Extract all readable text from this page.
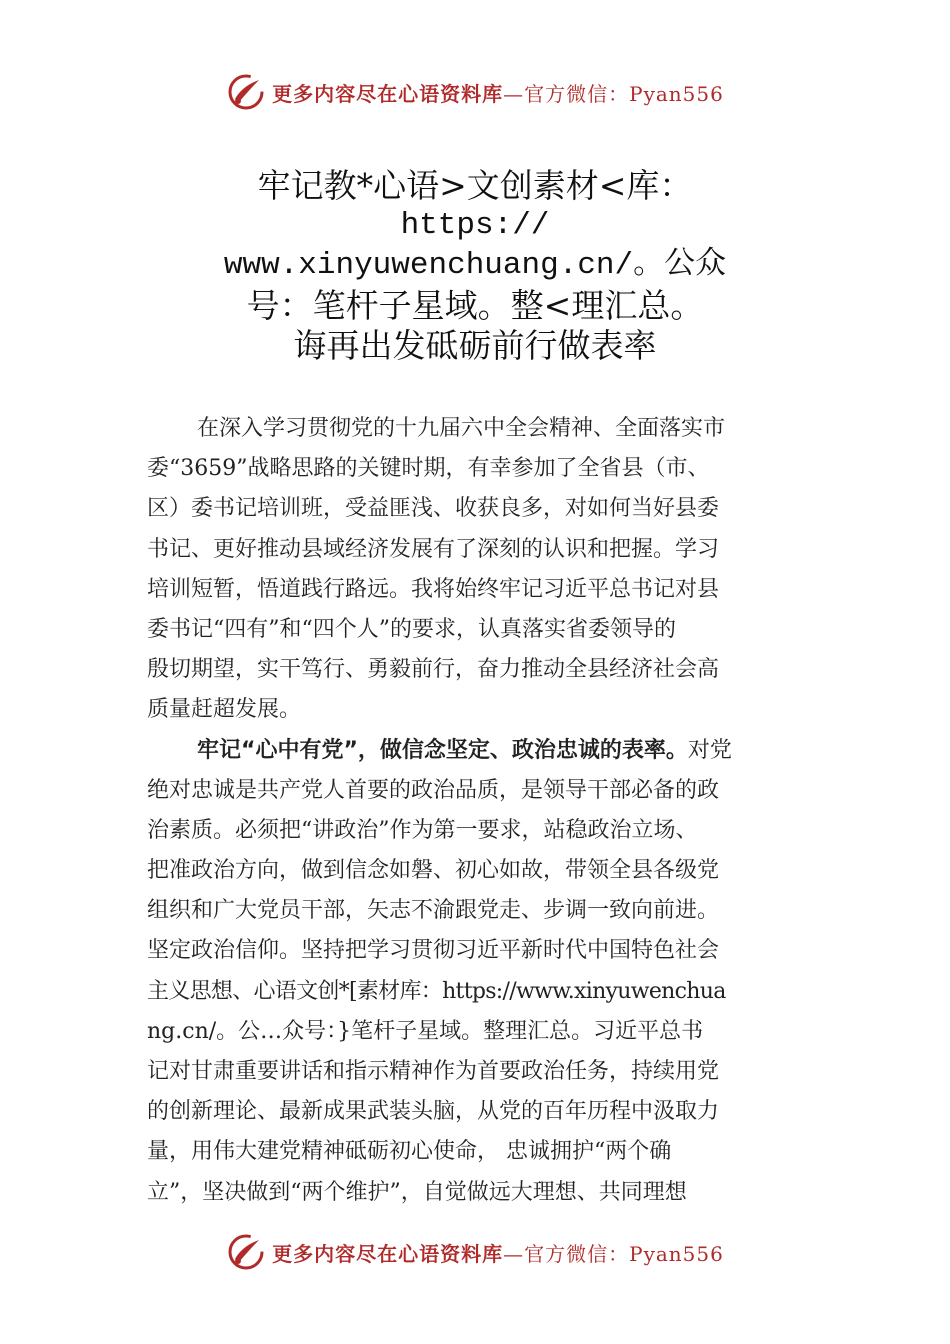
更多内容尽在心语资料库—官方微信：Pyan556
牢记教*心语>文创素材<库：
https://
www.xinyuwenchuang.cn/。公众
号：笔杆子星域。整<理汇总。
诲再出发砥砺前行做表率
在深入学习贯彻党的十九届六中全会精神、全面落实市
委“3659”战略思路的关键时期，有幸参加了全省县（市、
区）委书记培训班，受益匪浅、收获良多，对如何当好县委
书记、更好推动县域经济发展有了深刻的认识和把握。学习
培训短暂，悟道践行路远。我将始终牢记习近平总书记对县
委书记“四有”和“四个人”的要求，认真落实省委领导的
殷切期望，实干笃行、勇毅前行，奋力推动全县经济社会高
质量赶超发展。
牢记“心中有党”，做信念坚定、政治忠诚的表率。对党
绝对忠诚是共产党人首要的政治品质，是领导干部必备的政
治素质。必须把“讲政治”作为第一要求，站稳政治立场、
把准政治方向，做到信念如磐、初心如故，带领全县各级党
组织和广大党员干部，矢志不渝跟党走、步调一致向前进。
坚定政治信仰。坚持把学习贯彻习近平新时代中国特色社会
主义思想、心语文创*[素材库：https://www.xinyuwenchua
ng.cn/。公…众号：}笔杆子星域。整理汇总。习近平总书
记对甘肃重要讲话和指示精神作为首要政治任务，持续用党
的创新理论、最新成果武装头脑，从党的百年历程中汲取力
量，用伟大建党精神砥砺初心使命， 忠诚拥护“两个确
立”，坚决做到“两个维护”，自觉做远大理想、共同理想
更多内容尽在心语资料库—官方微信：Pyan556
